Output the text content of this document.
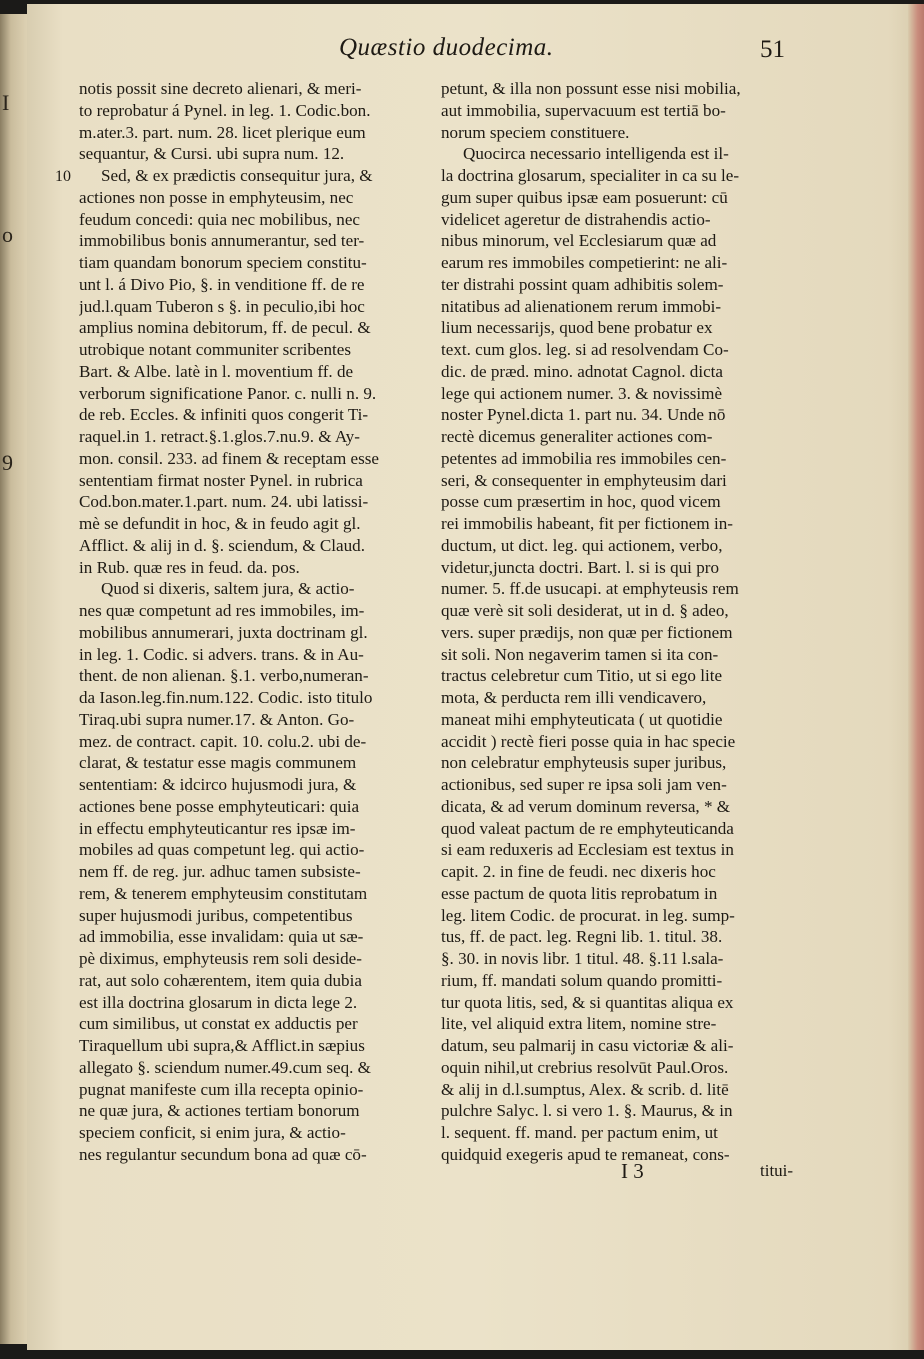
I
o
9
Quæstio duodecima.	51
10
notis possit sine decreto alienari, & meri-
to reprobatur á Pynel. in leg. 1. Codic.bon.
m.ater.3. part. num. 28. licet plerique eum
sequantur, & Cursi. ubi supra num. 12.
Sed, & ex prædictis consequitur jura, &
actiones non posse in emphyteusim, nec
feudum concedi: quia nec mobilibus, nec
immobilibus bonis annumerantur, sed ter-
tiam quandam bonorum speciem constitu-
unt l. á Divo Pio, §. in venditione ff. de re
jud.l.quam Tuberon s §. in peculio,ibi hoc
amplius nomina debitorum, ff. de pecul. &
utrobique notant communiter scribentes
Bart. & Albe. latè in l. moventium ff. de
verborum significatione Panor. c. nulli n. 9.
de reb. Eccles. & infiniti quos congerit Ti-
raquel.in 1. retract.§.1.glos.7.nu.9. & Ay-
mon. consil. 233. ad finem & receptam esse
sententiam firmat noster Pynel. in rubrica
Cod.bon.mater.1.part. num. 24. ubi latissi-
mè se defundit in hoc, & in feudo agit gl.
Afflict. & alij in d. §. sciendum, & Claud.
in Rub. quæ res in feud. da. pos.
Quod si dixeris, saltem jura, & actio-
nes quæ competunt ad res immobiles, im-
mobilibus annumerari, juxta doctrinam gl.
in leg. 1. Codic. si advers. trans. & in Au-
thent. de non alienan. §.1. verbo,numeran-
da Iason.leg.fin.num.122. Codic. isto titulo
Tiraq.ubi supra numer.17. & Anton. Go-
mez. de contract. capit. 10. colu.2. ubi de-
clarat, & testatur esse magis communem
sententiam: & idcirco hujusmodi jura, &
actiones bene posse emphyteuticari: quia
in effectu emphyteuticantur res ipsæ im-
mobiles ad quas competunt leg. qui actio-
nem ff. de reg. jur. adhuc tamen subsiste-
rem, & tenerem emphyteusim constitutam
super hujusmodi juribus, competentibus
ad immobilia, esse invalidam: quia ut sæ-
pè diximus, emphyteusis rem soli deside-
rat, aut solo cohærentem, item quia dubia
est illa doctrina glosarum in dicta lege 2.
cum similibus, ut constat ex adductis per
Tiraquellum ubi supra,& Afflict.in sæpius
allegato §. sciendum numer.49.cum seq. &
pugnat manifeste cum illa recepta opinio-
ne quæ jura, & actiones tertiam bonorum
speciem conficit, si enim jura, & actio-
nes regulantur secundum bona ad quæ cō-
petunt, & illa non possunt esse nisi mobilia,
aut immobilia, supervacuum est tertiā bo-
norum speciem constituere.
Quocirca necessario intelligenda est il-
la doctrina glosarum, specialiter in ca su le-
gum super quibus ipsæ eam posuerunt: cū
videlicet ageretur de distrahendis actio-
nibus minorum, vel Ecclesiarum quæ ad
earum res immobiles competierint: ne ali-
ter distrahi possint quam adhibitis solem-
nitatibus ad alienationem rerum immobi-
lium necessarijs, quod bene probatur ex
text. cum glos. leg. si ad resolvendam Co-
dic. de præd. mino. adnotat Cagnol. dicta
lege qui actionem numer. 3. & novissimè
noster Pynel.dicta 1. part nu. 34. Unde nō
rectè dicemus generaliter actiones com-
petentes ad immobilia res immobiles cen-
seri, & consequenter in emphyteusim dari
posse cum præsertim in hoc, quod vicem
rei immobilis habeant, fit per fictionem in-
ductum, ut dict. leg. qui actionem, verbo,
videtur,juncta doctri. Bart. l. si is qui pro
numer. 5. ff.de usucapi. at emphyteusis rem
quæ verè sit soli desiderat, ut in d. § adeo,
vers. super prædijs, non quæ per fictionem
sit soli. Non negaverim tamen si ita con-
tractus celebretur cum Titio, ut si ego lite
mota, & perducta rem illi vendicavero,
maneat mihi emphyteuticata ( ut quotidie
accidit ) rectè fieri posse quia in hac specie
non celebratur emphyteusis super juribus,
actionibus, sed super re ipsa soli jam ven-
dicata, & ad verum dominum reversa, * &
quod valeat pactum de re emphyteuticanda
si eam reduxeris ad Ecclesiam est textus in
capit. 2. in fine de feudi. nec dixeris hoc
esse pactum de quota litis reprobatum in
leg. litem Codic. de procurat. in leg. sump-
tus, ff. de pact. leg. Regni lib. 1. titul. 38.
§. 30. in novis libr. 1 titul. 48. §.11 l.sala-
rium, ff. mandati solum quando promitti-
tur quota litis, sed, & si quantitas aliqua ex
lite, vel aliquid extra litem, nomine stre-
datum, seu palmarij in casu victoriæ & ali-
oquin nihil,ut crebrius resolvūt Paul.Oros.
& alij in d.l.sumptus, Alex. & scrib. d. litē
pulchre Salyc. l. si vero 1. §. Maurus, & in
l. sequent. ff. mand. per pactum enim, ut
quidquid exegeris apud te remaneat, cons-
I 3	titui-
